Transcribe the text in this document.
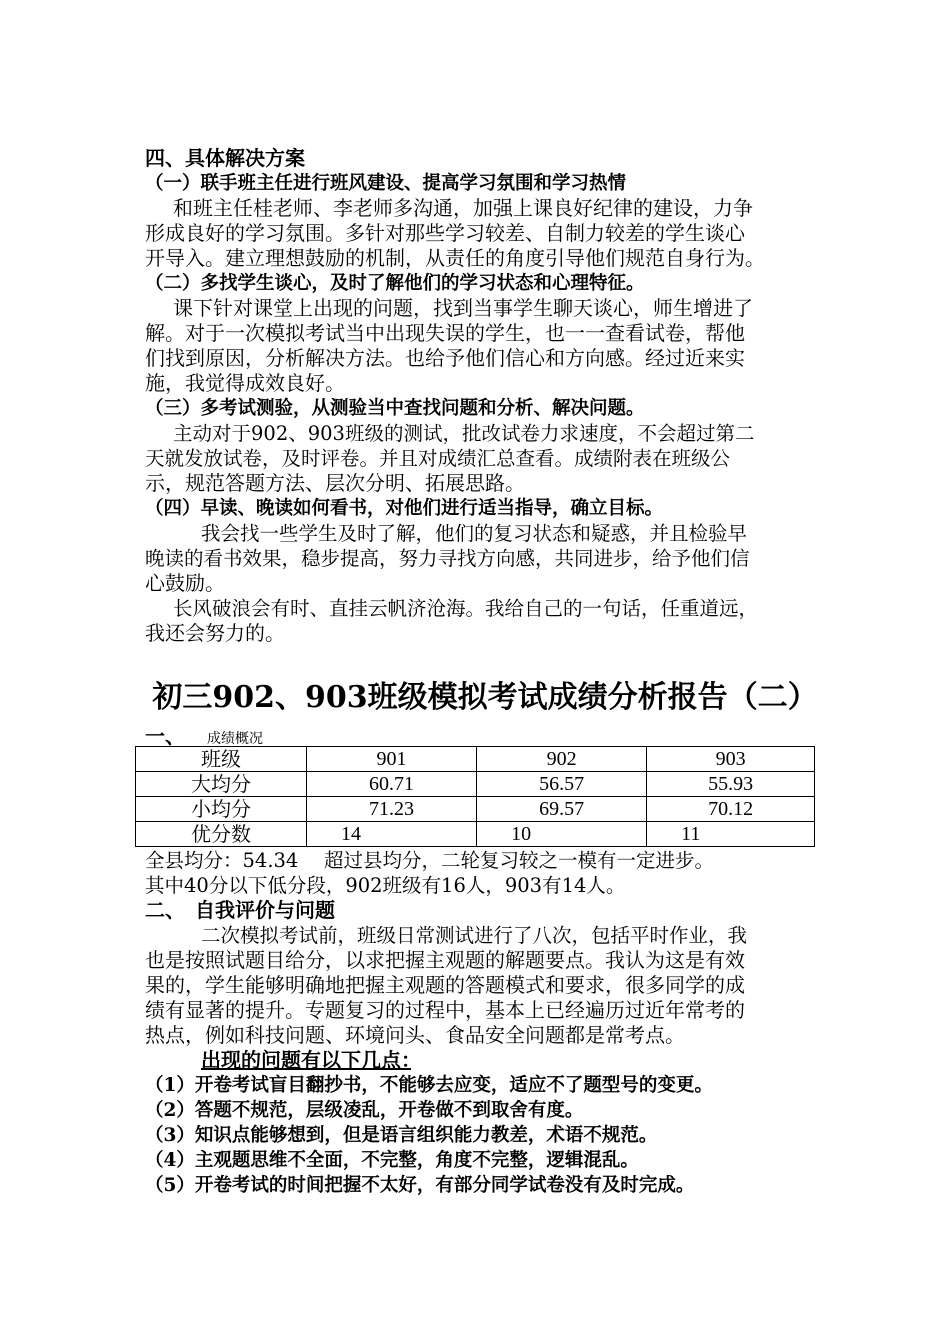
四、具体解决方案

（一）联手班主任进行班风建设、提高学习氛围和学习热情

和班主任桂老师、李老师多沟通，加强上课良好纪律的建设，力争

形成良好的学习氛围。多针对那些学习较差、自制力较差的学生谈心

开导入。建立理想鼓励的机制，从责任的角度引导他们规范自身行为。

（二）多找学生谈心，及时了解他们的学习状态和心理特征。

课下针对课堂上出现的问题，找到当事学生聊天谈心，师生增进了

解。对于一次模拟考试当中出现失误的学生，也一一查看试卷，帮他

们找到原因，分析解决方法。也给予他们信心和方向感。经过近来实

施，我觉得成效良好。

（三）多考试测验，从测验当中查找问题和分析、解决问题。

主动对于902、903班级的测试，批改试卷力求速度，不会超过第二

天就发放试卷，及时评卷。并且对成绩汇总查看。成绩附表在班级公

示，规范答题方法、层次分明、拓展思路。

（四）早读、晚读如何看书，对他们进行适当指导，确立目标。

我会找一些学生及时了解，他们的复习状态和疑惑，并且检验早

晚读的看书效果，稳步提高，努力寻找方向感，共同进步，给予他们信

心鼓励。

长风破浪会有时、直挂云帆济沧海。我给自己的一句话，任重道远，

我还会努力的。

初三902、903班级模拟考试成绩分析报告（二）
一、 成绩概况
班级	901	902	903
大均分	60.71	56.57	55.93
小均分	71.23	69.57	70.12
优分数	14	10	11

全县均分：54.34　 超过县均分，二轮复习较之一模有一定进步。

其中40分以下低分段，902班级有16人，903有14人。

二、　自我评价与问题

二次模拟考试前，班级日常测试进行了八次，包括平时作业，我

也是按照试题目给分，以求把握主观题的解题要点。我认为这是有效

果的，学生能够明确地把握主观题的答题模式和要求，很多同学的成

绩有显著的提升。专题复习的过程中，基本上已经遍历过近年常考的

热点，例如科技问题、环境问头、食品安全问题都是常考点。

出现的问题有以下几点：　

（1）开卷考试盲目翻抄书，不能够去应变，适应不了题型号的变更。

（2）答题不规范，层级凌乱，开卷做不到取舍有度。

（3）知识点能够想到，但是语言组织能力教差，术语不规范。

（4）主观题思维不全面，不完整，角度不完整，逻辑混乱。

（5）开卷考试的时间把握不太好，有部分同学试卷没有及时完成。
